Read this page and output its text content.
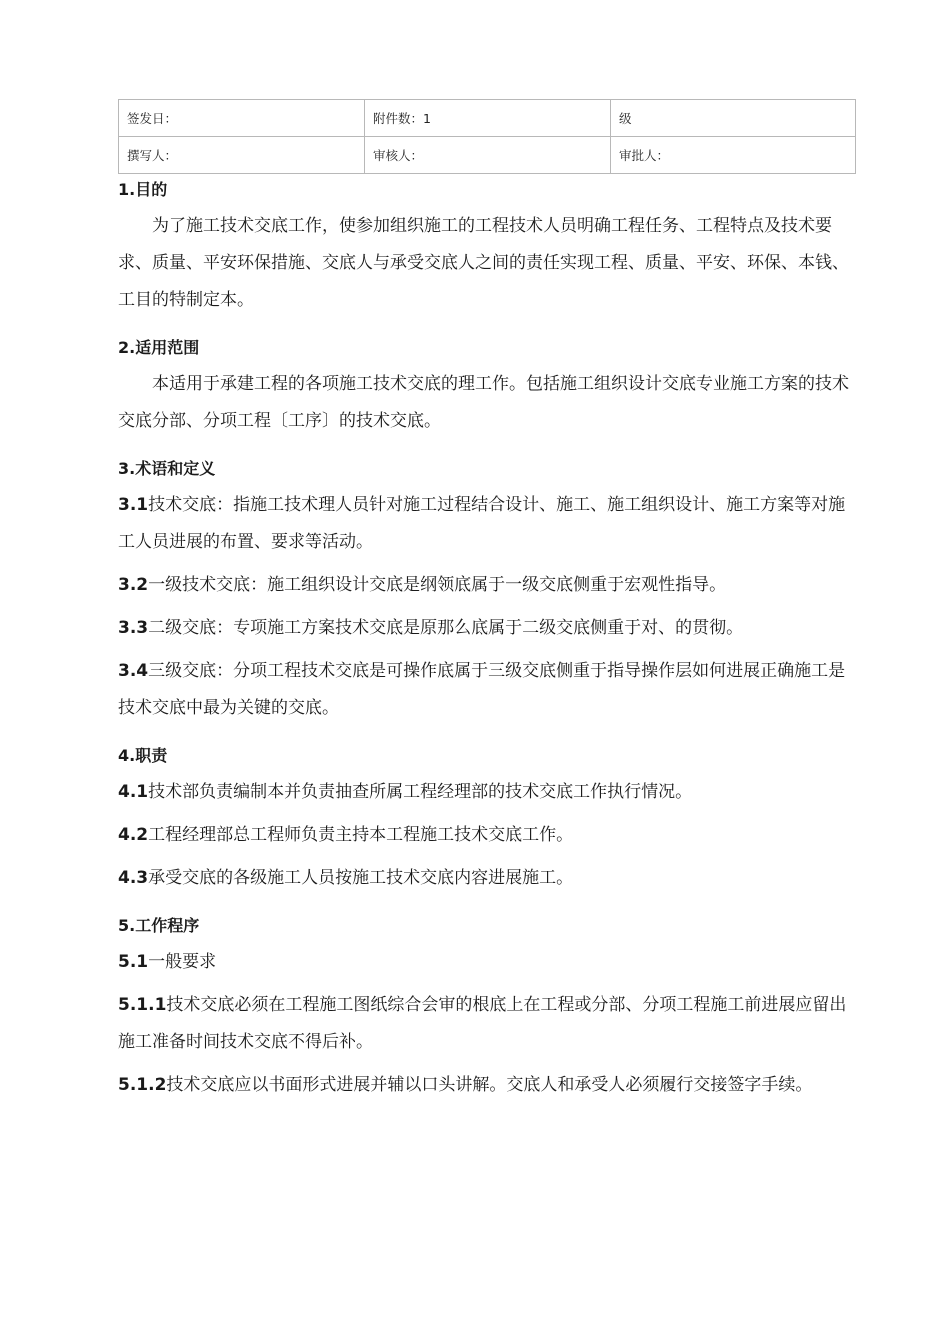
签发日：	附件数：1	级
撰写人：	审核人：	审批人：

1.目的

为了施工技术交底工作，使参加组织施工的工程技术人员明确工程任务、工程特点及技术要求、质量、平安环保措施、交底人与承受交底人之间的责任实现工程、质量、平安、环保、本钱、工目的特制定本。

2.适用范围

本适用于承建工程的各项施工技术交底的理工作。包括施工组织设计交底专业施工方案的技术交底分部、分项工程〔工序〕的技术交底。

3.术语和定义

3.1技术交底：指施工技术理人员针对施工过程结合设计、施工、施工组织设计、施工方案等对施工人员进展的布置、要求等活动。

3.2一级技术交底：施工组织设计交底是纲领底属于一级交底侧重于宏观性指导。

3.3二级交底：专项施工方案技术交底是原那么底属于二级交底侧重于对、的贯彻。

3.4三级交底：分项工程技术交底是可操作底属于三级交底侧重于指导操作层如何进展正确施工是技术交底中最为关键的交底。

4.职责

4.1技术部负责编制本并负责抽查所属工程经理部的技术交底工作执行情况。

4.2工程经理部总工程师负责主持本工程施工技术交底工作。

4.3承受交底的各级施工人员按施工技术交底内容进展施工。

5.工作程序

5.1一般要求

5.1.1技术交底必须在工程施工图纸综合会审的根底上在工程或分部、分项工程施工前进展应留出施工准备时间技术交底不得后补。

5.1.2技术交底应以书面形式进展并辅以口头讲解。交底人和承受人必须履行交接签字手续。
